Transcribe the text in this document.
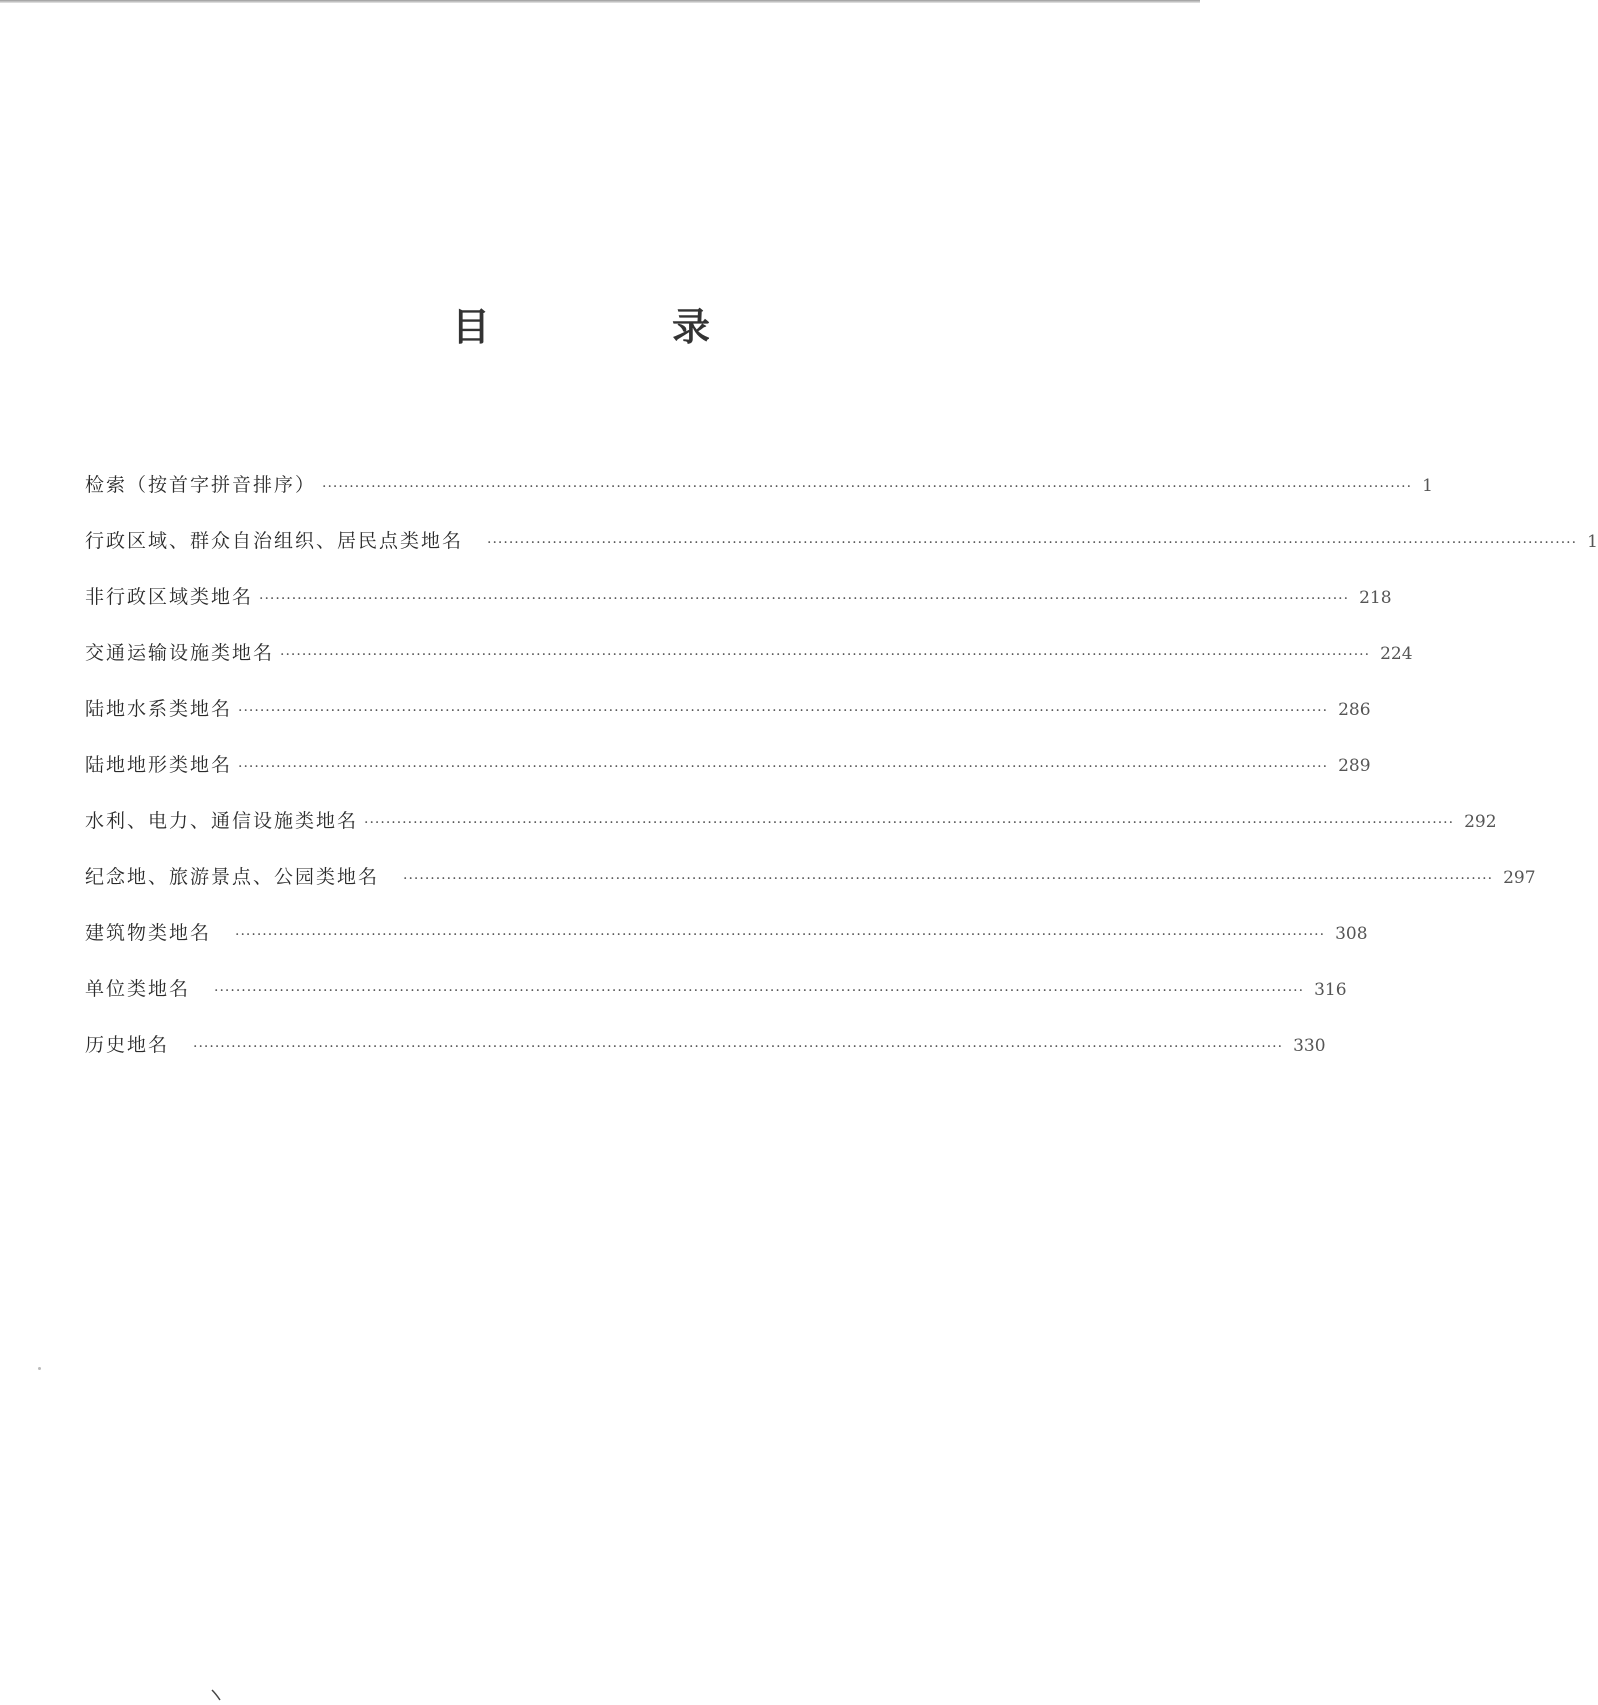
目　录
检索（按首字拼音排序） ········································································································································································································ 1
行政区域、群众自治组织、居民点类地名 ········································································································································································································ 1
非行政区域类地名 ········································································································································································································ 218
交通运输设施类地名 ········································································································································································································ 224
陆地水系类地名 ········································································································································································································ 286
陆地地形类地名 ········································································································································································································ 289
水利、电力、通信设施类地名 ········································································································································································································ 292
纪念地、旅游景点、公园类地名 ········································································································································································································ 297
建筑物类地名 ········································································································································································································ 308
单位类地名 ········································································································································································································ 316
历史地名 ········································································································································································································ 330
